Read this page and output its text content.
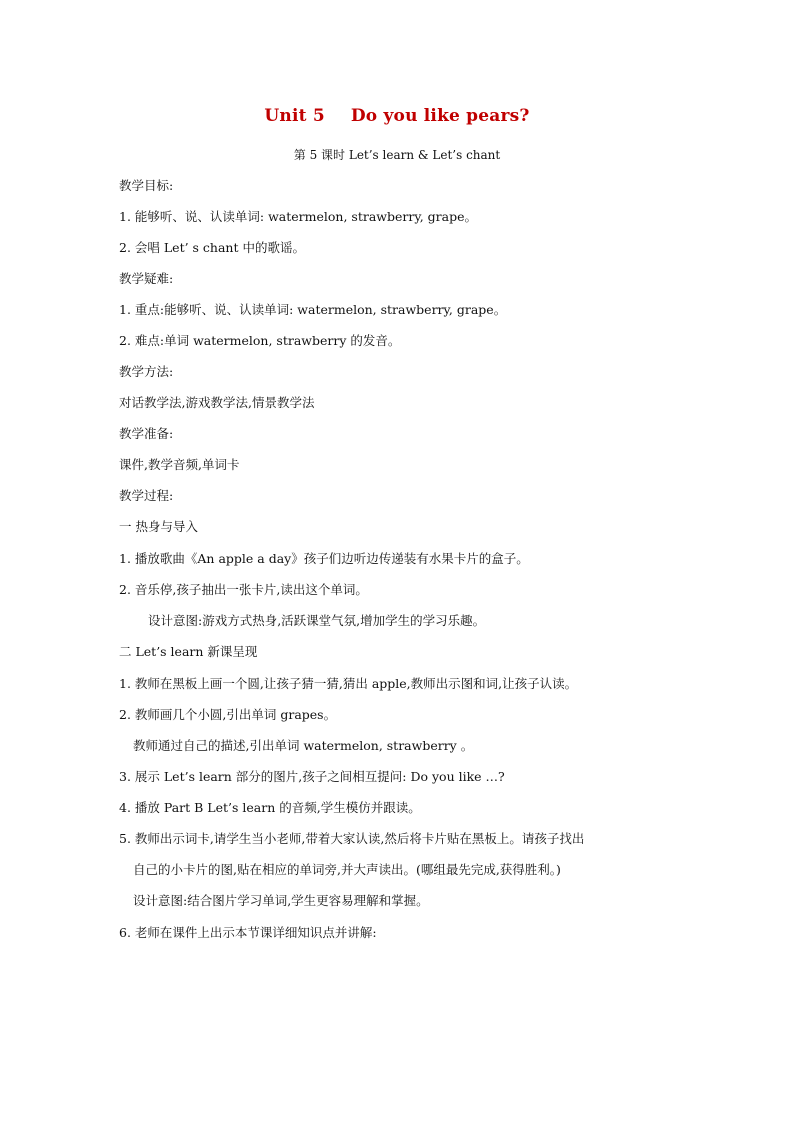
Unit 5 Do you like pears?
第 5 课时 Let’s learn & Let’s chant
教学目标:
1. 能够听、说、认读单词: watermelon, strawberry, grape。
2. 会唱 Let’ s chant 中的歌谣。
教学疑难:
1. 重点:能够听、说、认读单词: watermelon, strawberry, grape。
2. 难点:单词 watermelon, strawberry 的发音。
教学方法:
对话教学法,游戏教学法,情景教学法
教学准备:
课件,教学音频,单词卡
教学过程:
一 热身与导入
1. 播放歌曲《An apple a day》孩子们边听边传递装有水果卡片的盒子。
2. 音乐停,孩子抽出一张卡片,读出这个单词。
设计意图:游戏方式热身,活跃课堂气氛,增加学生的学习乐趣。
二 Let’s learn 新课呈现
1. 教师在黑板上画一个圆,让孩子猜一猜,猜出 apple,教师出示图和词,让孩子认读。
2. 教师画几个小圆,引出单词 grapes。
教师通过自己的描述,引出单词 watermelon, strawberry 。
3. 展示 Let’s learn 部分的图片,孩子之间相互提问: Do you like …?
4. 播放 Part B Let’s learn 的音频,学生模仿并跟读。
5. 教师出示词卡,请学生当小老师,带着大家认读,然后将卡片贴在黑板上。请孩子找出
自己的小卡片的图,贴在相应的单词旁,并大声读出。(哪组最先完成,获得胜利。)
设计意图:结合图片学习单词,学生更容易理解和掌握。
6. 老师在课件上出示本节课详细知识点并讲解:
